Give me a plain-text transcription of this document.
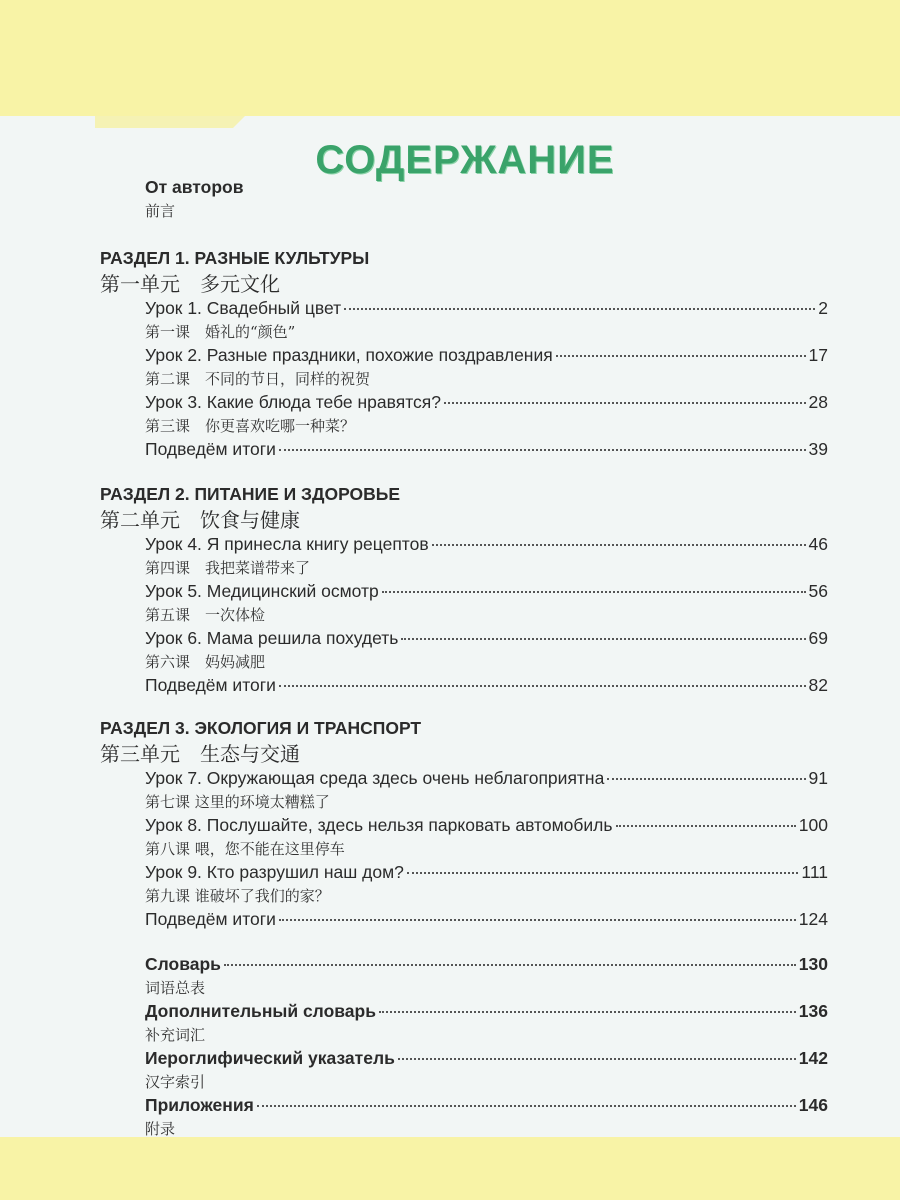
СОДЕРЖАНИЕ
От авторов
前言
РАЗДЕЛ 1. РАЗНЫЕ КУЛЬТУРЫ
第一单元　多元文化
Урок 1. Свадебный цвет	2
第一课　婚礼的“颜色”
Урок 2. Разные праздники, похожие поздравления	17
第二课　不同的节日，同样的祝贺
Урок 3. Какие блюда тебе нравятся?	28
第三课　你更喜欢吃哪一种菜？
Подведём итоги	39
РАЗДЕЛ 2. ПИТАНИЕ И ЗДОРОВЬЕ
第二单元　饮食与健康
Урок 4. Я принесла книгу рецептов	46
第四课　我把菜谱带来了
Урок 5. Медицинский осмотр	56
第五课　一次体检
Урок 6. Мама решила похудеть	69
第六课　妈妈减肥
Подведём итоги	82
РАЗДЕЛ 3. ЭКОЛОГИЯ И ТРАНСПОРТ
第三单元　生态与交通
Урок 7. Окружающая среда здесь очень неблагоприятна	91
第七课 这里的环境太糟糕了
Урок 8. Послушайте, здесь нельзя парковать автомобиль	100
第八课 喂，您不能在这里停车
Урок 9. Кто разрушил наш дом?	111
第九课 谁破坏了我们的家？
Подведём итоги	124
Словарь	130
词语总表
Дополнительный словарь	136
补充词汇
Иероглифический указатель	142
汉字索引
Приложения	146
附录
